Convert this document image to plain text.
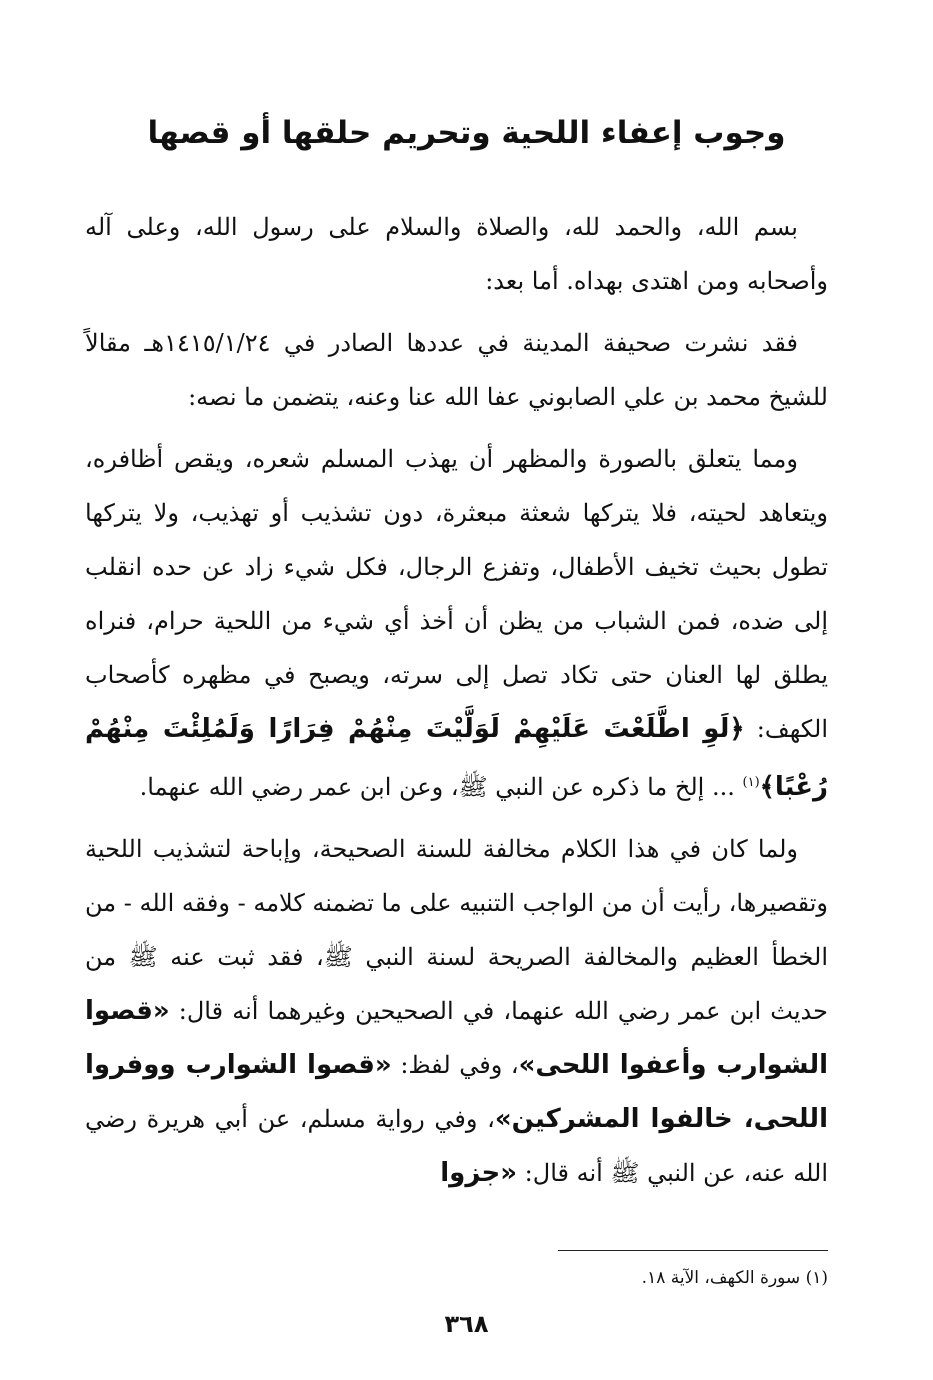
وجوب إعفاء اللحية وتحريم حلقها أو قصها

بسم الله، والحمد لله، والصلاة والسلام على رسول الله، وعلى آله وأصحابه ومن اهتدى بهداه. أما بعد:

فقد نشرت صحيفة المدينة في عددها الصادر في ١٤١٥/١/٢٤هـ مقالاً للشيخ محمد بن علي الصابوني عفا الله عنا وعنه، يتضمن ما نصه:

ومما يتعلق بالصورة والمظهر أن يهذب المسلم شعره، ويقص أظافره، ويتعاهد لحيته، فلا يتركها شعثة مبعثرة، دون تشذيب أو تهذيب، ولا يتركها تطول بحيث تخيف الأطفال، وتفزع الرجال، فكل شيء زاد عن حده انقلب إلى ضده، فمن الشباب من يظن أن أخذ أي شيء من اللحية حرام، فنراه يطلق لها العنان حتى تكاد تصل إلى سرته، ويصبح في مظهره كأصحاب الكهف: ﴿لَوِ اطَّلَعْتَ عَلَيْهِمْ لَوَلَّيْتَ مِنْهُمْ فِرَارًا وَلَمُلِئْتَ مِنْهُمْ رُعْبًا﴾$^{(١)}$ ... إلخ ما ذكره عن النبي ﷺ، وعن ابن عمر رضي الله عنهما.

ولما كان في هذا الكلام مخالفة للسنة الصحيحة، وإباحة لتشذيب اللحية وتقصيرها، رأيت أن من الواجب التنبيه على ما تضمنه كلامه - وفقه الله - من الخطأ العظيم والمخالفة الصريحة لسنة النبي ﷺ، فقد ثبت عنه ﷺ من حديث ابن عمر رضي الله عنهما، في الصحيحين وغيرهما أنه قال: «قصوا الشوارب وأعفوا اللحى»، وفي لفظ: «قصوا الشوارب ووفروا اللحى، خالفوا المشركين»، وفي رواية مسلم، عن أبي هريرة رضي الله عنه، عن النبي ﷺ أنه قال: «جزوا

(١) سورة الكهف، الآية ١٨.
٣٦٨
